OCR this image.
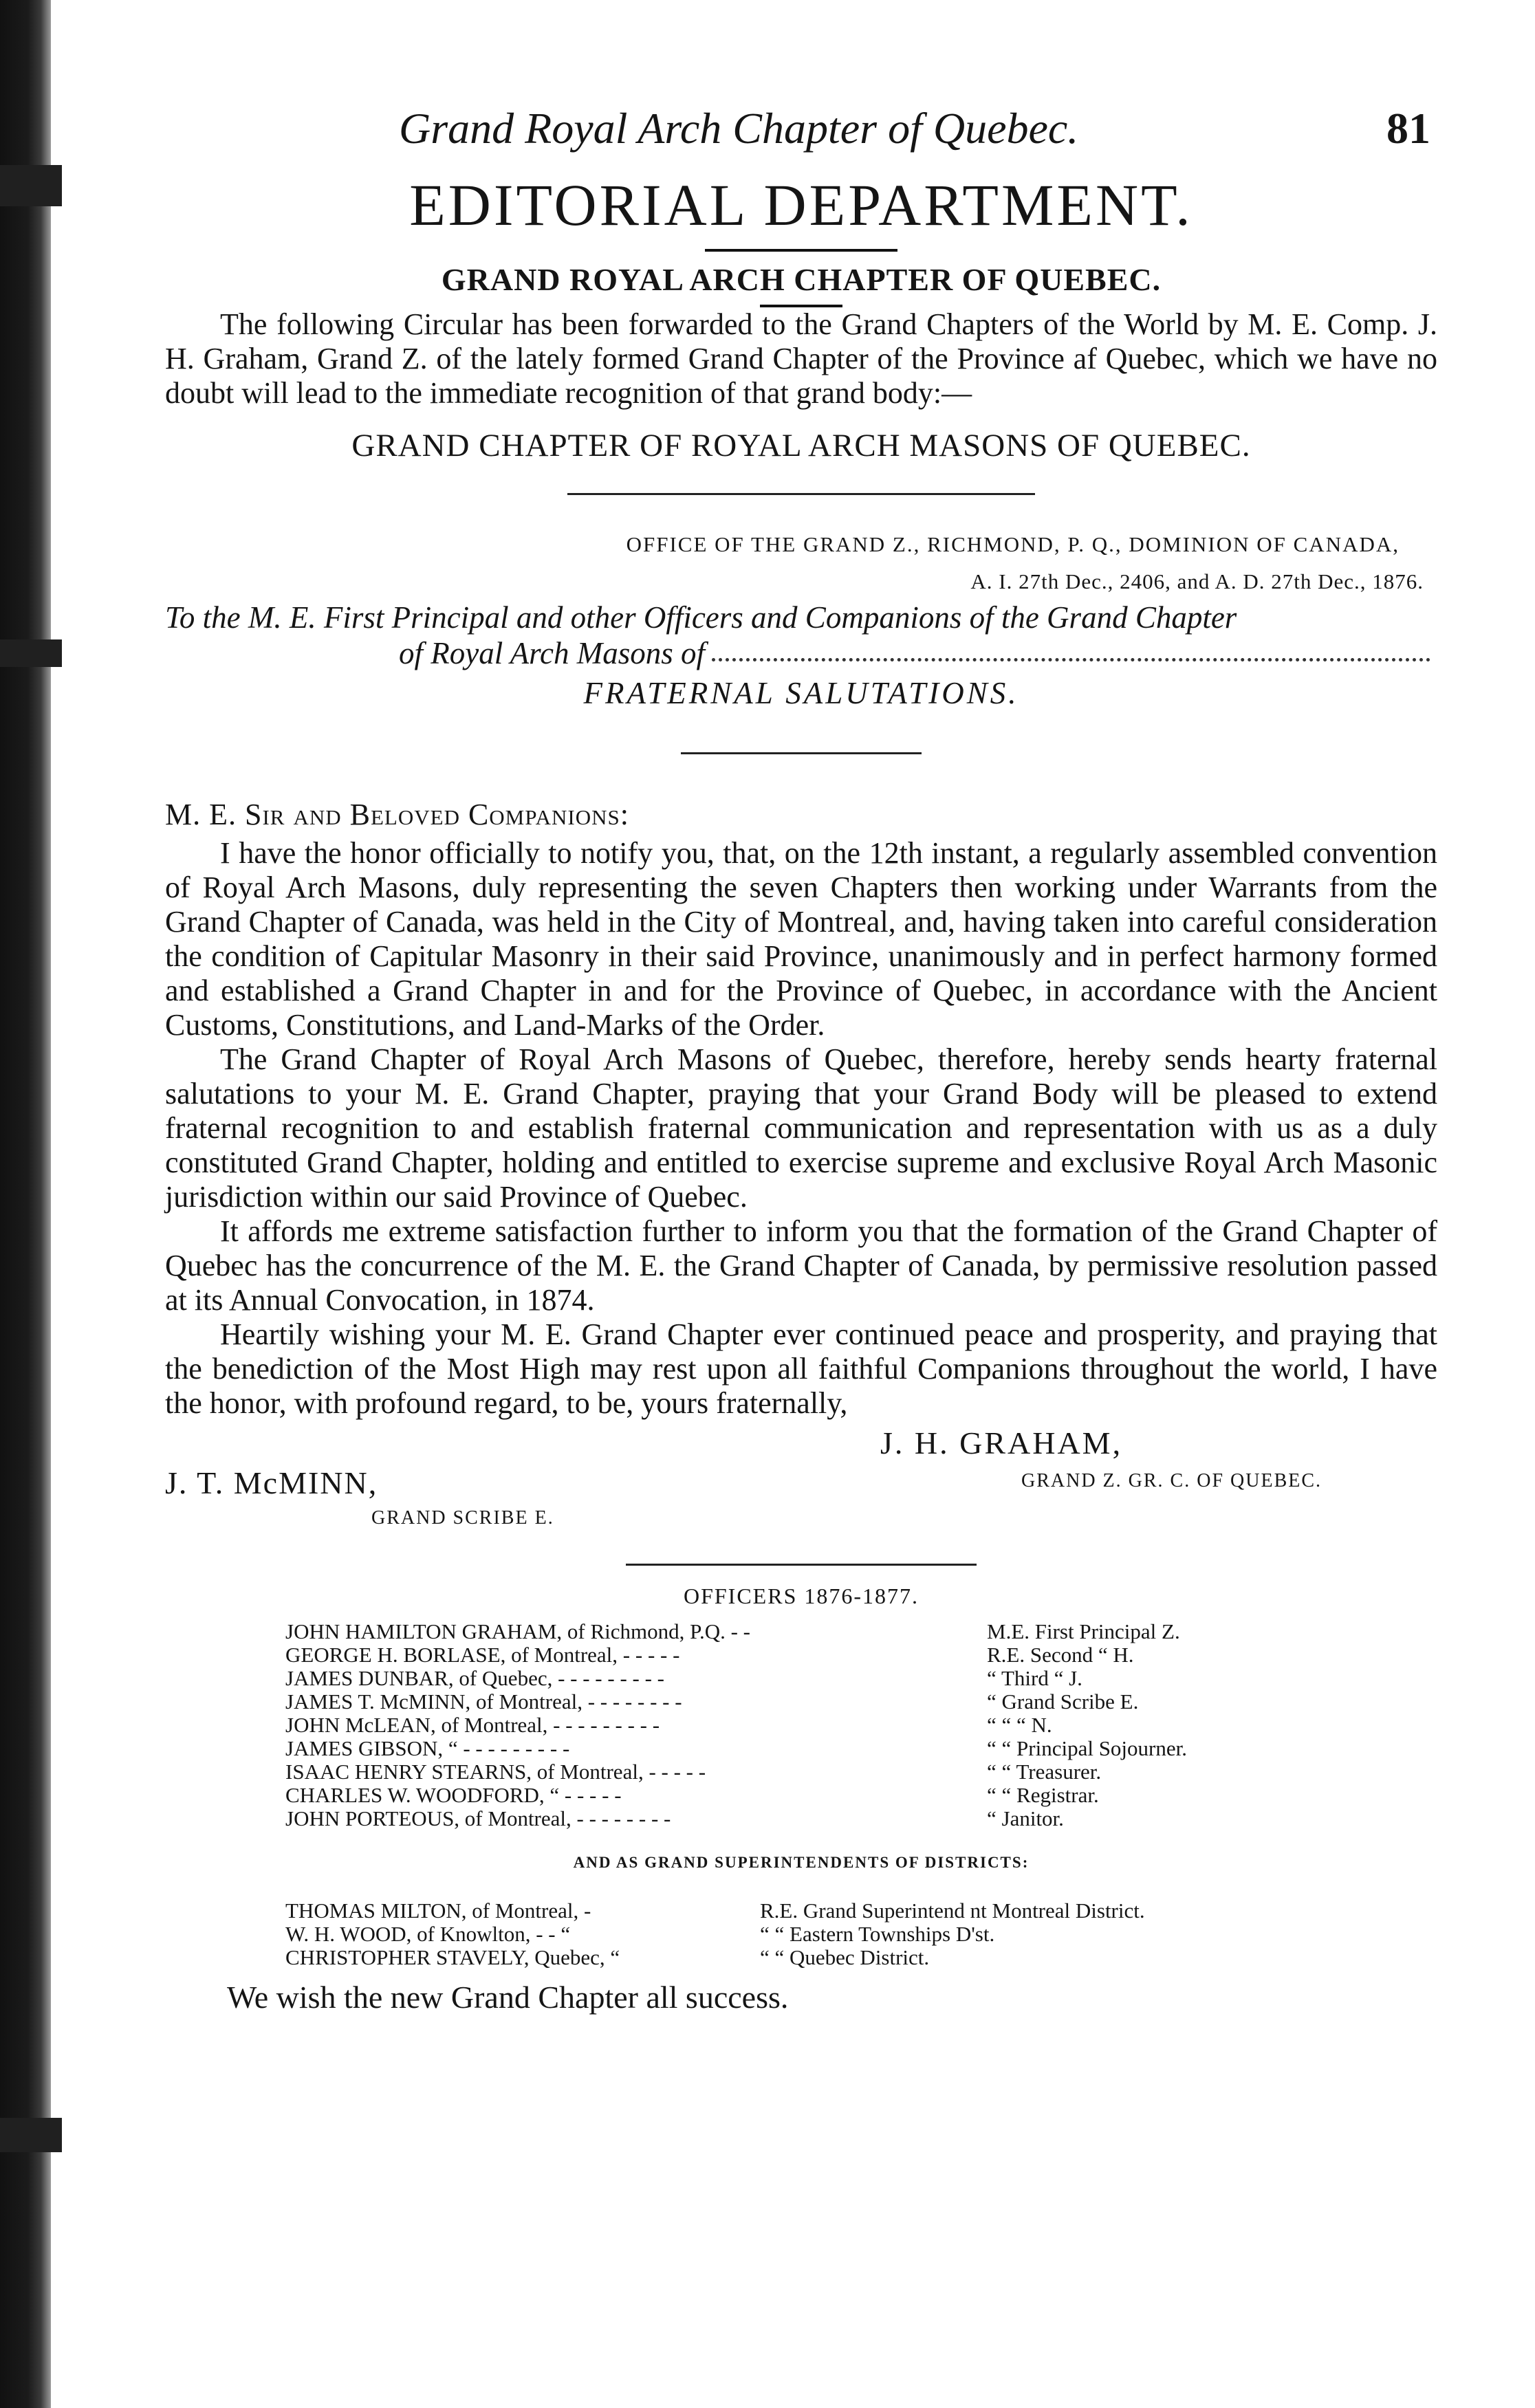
Grand Royal Arch Chapter of Quebec.	81
EDITORIAL DEPARTMENT.
GRAND ROYAL ARCH CHAPTER OF QUEBEC.

The following Circular has been forwarded to the Grand Chapters of the World by M. E. Comp. J. H. Graham, Grand Z. of the lately formed Grand Chapter of the Province af Quebec, which we have no doubt will lead to the immediate recognition of that grand body:—

GRAND CHAPTER OF ROYAL ARCH MASONS OF QUEBEC.
OFFICE OF THE GRAND Z., RICHMOND, P. Q., DOMINION OF CANADA,
A. I. 27th Dec., 2406, and A. D. 27th Dec., 1876.
To the M. E. First Principal and other Officers and Companions of the Grand Chapter
of Royal Arch Masons of
FRATERNAL SALUTATIONS.
M. E. Sir and Beloved Companions:

I have the honor officially to notify you, that, on the 12th instant, a regularly assembled convention of Royal Arch Masons, duly representing the seven Chapters then working under Warrants from the Grand Chapter of Canada, was held in the City of Montreal, and, having taken into careful consideration the condition of Capitular Masonry in their said Province, unanimously and in perfect harmony formed and established a Grand Chapter in and for the Province of Quebec, in accordance with the Ancient Customs, Constitutions, and Land-Marks of the Order.

The Grand Chapter of Royal Arch Masons of Quebec, therefore, hereby sends hearty fraternal salutations to your M. E. Grand Chapter, praying that your Grand Body will be pleased to extend fraternal recognition to and establish fraternal communication and representation with us as a duly constituted Grand Chapter, holding and entitled to exercise supreme and exclusive Royal Arch Masonic jurisdiction within our said Province of Quebec.

It affords me extreme satisfaction further to inform you that the formation of the Grand Chapter of Quebec has the concurrence of the M. E. the Grand Chapter of Canada, by permissive resolution passed at its Annual Convocation, in 1874.

Heartily wishing your M. E. Grand Chapter ever continued peace and prosperity, and praying that the benediction of the Most High may rest upon all faithful Companions throughout the world, I have the honor, with profound regard, to be, yours fraternally,

J. H. GRAHAM,
GRAND Z. GR. C. OF QUEBEC.
J. T. McMINN,
GRAND SCRIBE E.
OFFICERS 1876-1877.
JOHN HAMILTON GRAHAM, of Richmond, P.Q. - -	M.E. First Principal Z.
GEORGE H. BORLASE, of Montreal, - - - - -	R.E. Second “ H.
JAMES DUNBAR, of Quebec, - - - - - - - - -	“ Third “ J.
JAMES T. McMINN, of Montreal, - - - - - - - -	“ Grand Scribe E.
JOHN McLEAN, of Montreal, - - - - - - - - -	“ “ “ N.
JAMES GIBSON, “ - - - - - - - - -	“ “ Principal Sojourner.
ISAAC HENRY STEARNS, of Montreal, - - - - -	“ “ Treasurer.
CHARLES W. WOODFORD, “ - - - - -	“ “ Registrar.
JOHN PORTEOUS, of Montreal, - - - - - - - -	“ Janitor.
AND AS GRAND SUPERINTENDENTS OF DISTRICTS:
THOMAS MILTON, of Montreal, -	R.E. Grand Superintend nt Montreal District.
W. H. WOOD, of Knowlton, - - “	“ “ Eastern Townships D'st.
CHRISTOPHER STAVELY, Quebec, “	“ “ Quebec District.
We wish the new Grand Chapter all success.
